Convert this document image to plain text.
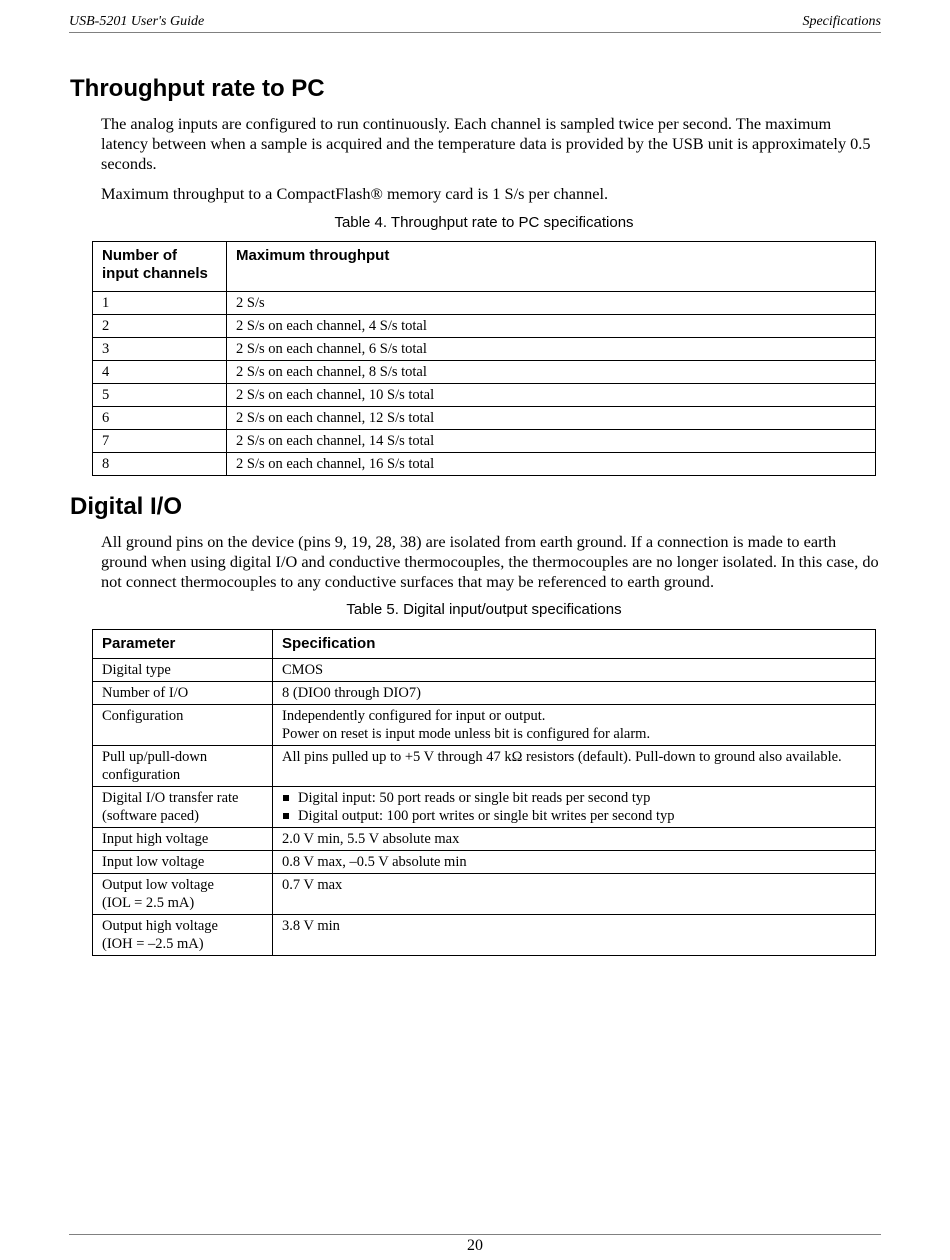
USB-5201 User's Guide	Specifications
Throughput rate to PC

The analog inputs are configured to run continuously. Each channel is sampled twice per second. The maximum latency between when a sample is acquired and the temperature data is provided by the USB unit is approximately 0.5 seconds.

Maximum throughput to a CompactFlash® memory card is 1 S/s per channel.

Table 4. Throughput rate to PC specifications

Number of input channels	Maximum throughput
1	2 S/s
2	2 S/s on each channel, 4 S/s total
3	2 S/s on each channel, 6 S/s total
4	2 S/s on each channel, 8 S/s total
5	2 S/s on each channel, 10 S/s total
6	2 S/s on each channel, 12 S/s total
7	2 S/s on each channel, 14 S/s total
8	2 S/s on each channel, 16 S/s total
Digital I/O

All ground pins on the device (pins 9, 19, 28, 38) are isolated from earth ground. If a connection is made to earth ground when using digital I/O and conductive thermocouples, the thermocouples are no longer isolated. In this case, do not connect thermocouples to any conductive surfaces that may be referenced to earth ground.

Table 5. Digital input/output specifications

Parameter	Specification

Digital type	CMOS

Number of I/O	8 (DIO0 through DIO7)

Configuration	Independently configured for input or output.
Power on reset is input mode unless bit is configured for alarm.

Pull up/pull-down
configuration	All pins pulled up to +5 V through 47 kΩ resistors (default). Pull-down to ground also available.

Digital I/O transfer rate
(software paced)	Digital input: 50 port reads or single bit reads per second typ
Digital output: 100 port writes or single bit writes per second typ

Input high voltage	2.0 V min, 5.5 V absolute max

Input low voltage	0.8 V max, –0.5 V absolute min

Output low voltage
(IOL = 2.5 mA)	0.7 V max

Output high voltage
(IOH = –2.5 mA)	3.8 V min
20
